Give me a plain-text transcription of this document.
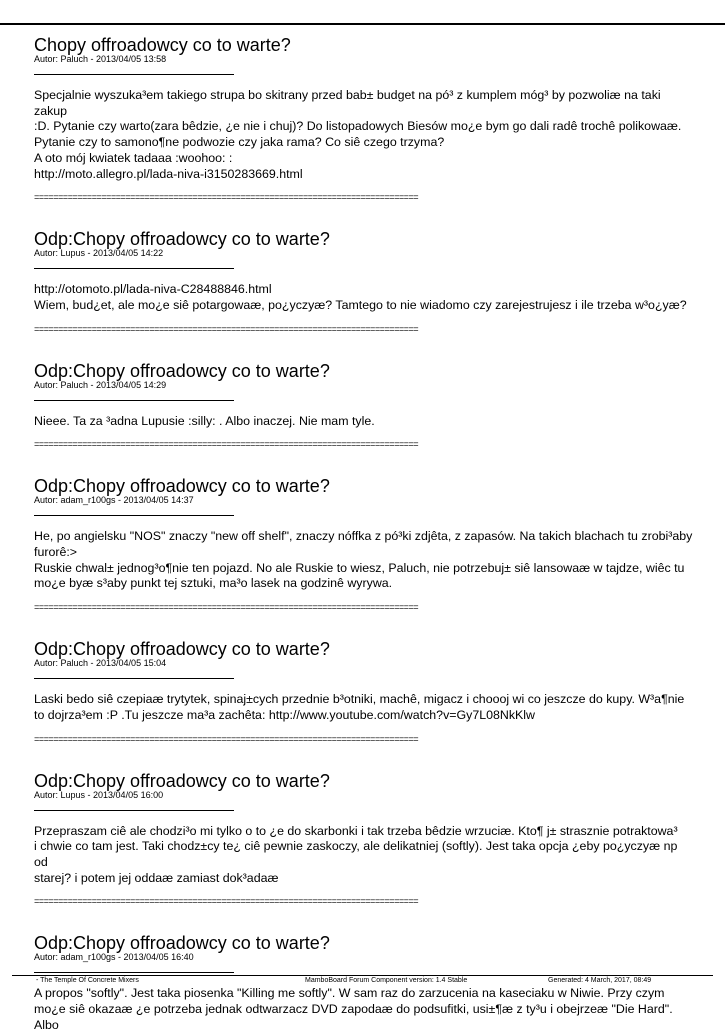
Chopy offroadowcy co to warte?
Autor: Paluch - 2013/04/05 13:58
Specjalnie wyszuka³em takiego strupa bo skitrany przed bab± budget na pó³ z kumplem móg³ by pozwoliæ na taki zakup
:D. Pytanie czy warto(zara bêdzie, ¿e nie i chuj)? Do listopadowych Biesów mo¿e bym go dali radê trochê polikowaæ.
Pytanie czy to samono¶ne podwozie czy jaka rama? Co siê czego trzyma?
A oto mój kwiatek tadaaa :woohoo: :
http://moto.allegro.pl/lada-niva-i3150283669.html
================================================================================
Odp:Chopy offroadowcy co to warte?
Autor: Lupus - 2013/04/05 14:22
http://otomoto.pl/lada-niva-C28488846.html
Wiem, bud¿et, ale mo¿e siê potargowaæ, po¿yczyæ? Tamtego to nie wiadomo czy zarejestrujesz i ile trzeba w³o¿yæ?
================================================================================
Odp:Chopy offroadowcy co to warte?
Autor: Paluch - 2013/04/05 14:29
Nieee. Ta za ³adna Lupusie :silly: . Albo inaczej. Nie mam tyle.
================================================================================
Odp:Chopy offroadowcy co to warte?
Autor: adam_r100gs - 2013/04/05 14:37
He, po angielsku "NOS" znaczy "new off shelf", znaczy nóffka z pó³ki zdjêta, z zapasów. Na takich blachach tu zrobi³aby
furorê:>
Ruskie chwal± jednog³o¶nie ten pojazd. No ale Ruskie to wiesz, Paluch, nie potrzebuj± siê lansowaæ w tajdze, wiêc tu
mo¿e byæ s³aby punkt tej sztuki, ma³o lasek na godzinê wyrywa.
================================================================================
Odp:Chopy offroadowcy co to warte?
Autor: Paluch - 2013/04/05 15:04
Laski bedo siê czepiaæ trytytek, spinaj±cych przednie b³otniki, machê, migacz i choooj wi co jeszcze do kupy. W³a¶nie
to dojrza³em :P .Tu jeszcze ma³a zachêta: http://www.youtube.com/watch?v=Gy7L08NkKlw
================================================================================
Odp:Chopy offroadowcy co to warte?
Autor: Lupus - 2013/04/05 16:00
Przepraszam ciê ale chodzi³o mi tylko o to ¿e do skarbonki i tak trzeba bêdzie wrzuciæ. Kto¶ j± strasznie potraktowa³
i chwie co tam jest. Taki chodz±cy te¿ ciê pewnie zaskoczy, ale delikatniej (softly). Jest taka opcja ¿eby po¿yczyæ np od
starej? i potem jej oddaæ zamiast dok³adaæ
================================================================================
Odp:Chopy offroadowcy co to warte?
Autor: adam_r100gs - 2013/04/05 16:40
A propos "softly". Jest taka piosenka "Killing me softly". W sam raz do zarzucenia na kaseciaku w Niwie. Przy czym
mo¿e siê okazaæ ¿e potrzeba jednak odtwarzacz DVD zapodaæ do podsufitki, usi±¶æ z ty³u i obejrzeæ "Die Hard". Albo
- The Temple Of Concrete Mixers	MamboBoard Forum Component version: 1.4 Stable	Generated: 4 March, 2017, 08:49
